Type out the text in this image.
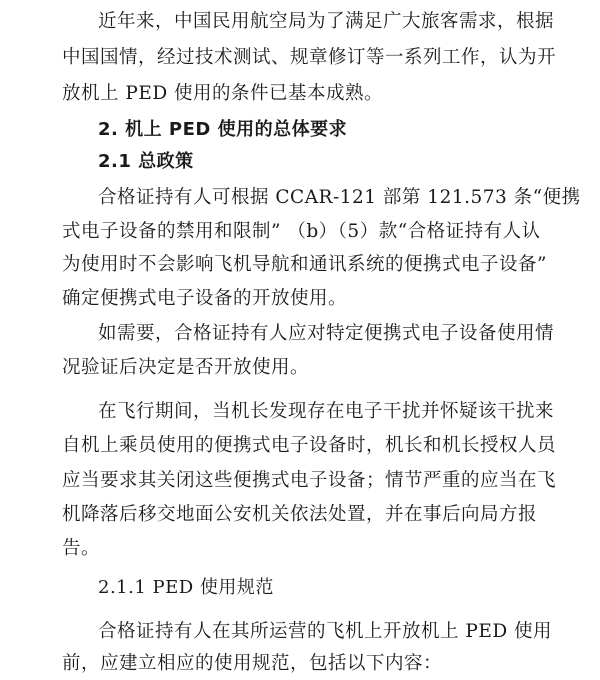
近年来，中国民用航空局为了满足广大旅客需求，根据
中国国情，经过技术测试、规章修订等一系列工作，认为开
放机上 PED 使用的条件已基本成熟。
2. 机上 PED 使用的总体要求
2.1 总政策
合格证持有人可根据 CCAR-121 部第 121.573 条“便携
式电子设备的禁用和限制” （b）（5）款“合格证持有人认
为使用时不会影响飞机导航和通讯系统的便携式电子设备”
确定便携式电子设备的开放使用。
如需要，合格证持有人应对特定便携式电子设备使用情
况验证后决定是否开放使用。
在飞行期间，当机长发现存在电子干扰并怀疑该干扰来
自机上乘员使用的便携式电子设备时，机长和机长授权人员
应当要求其关闭这些便携式电子设备；情节严重的应当在飞
机降落后移交地面公安机关依法处置，并在事后向局方报
告。
2.1.1 PED 使用规范
合格证持有人在其所运营的飞机上开放机上 PED 使用
前，应建立相应的使用规范，包括以下内容：
